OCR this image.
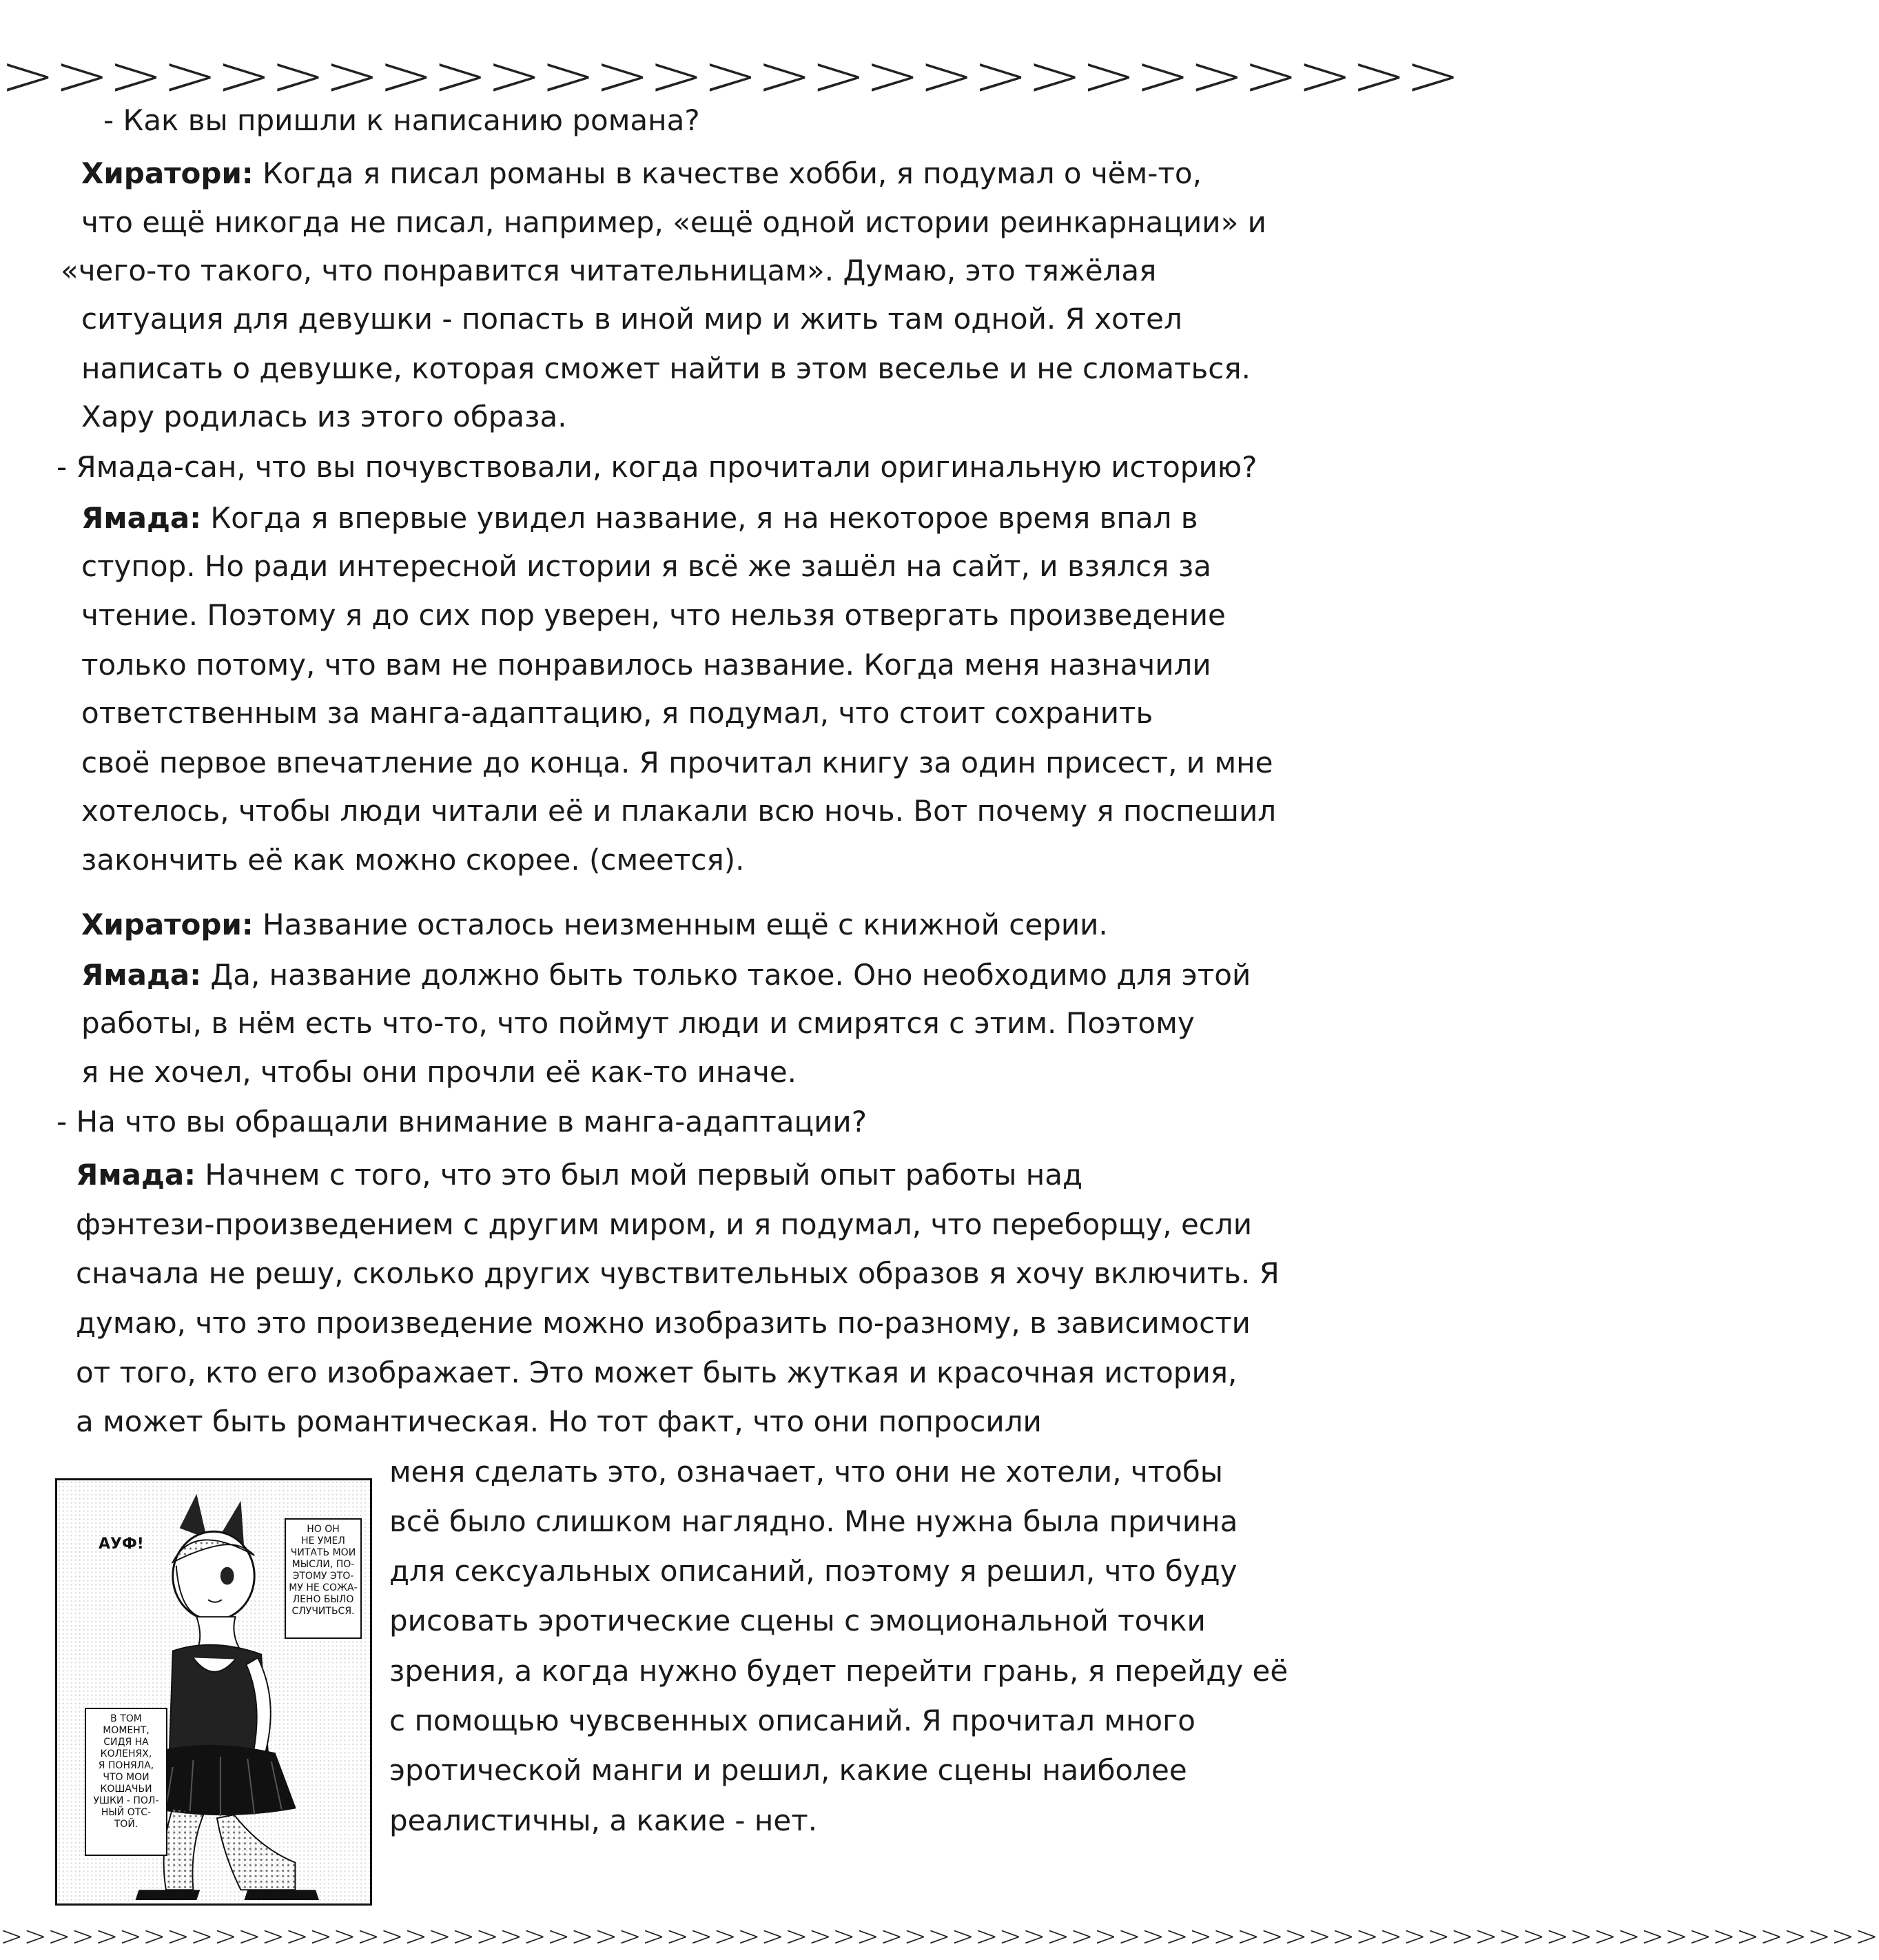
>>>>>>>>>>>>>>>>>>>>>>>>>>>
- Как вы пришли к написанию романа?
Хиратори: Когда я писал романы в качестве хобби, я подумал о чём-то,
что ещё никогда не писал, например, «ещё одной истории реинкарнации» и
«чего-то такого, что понравится читательницам». Думаю, это тяжёлая
ситуация для девушки - попасть в иной мир и жить там одной. Я хотел
написать о девушке, которая сможет найти в этом веселье и не сломаться.
Хару родилась из этого образа.
- Ямада-сан, что вы почувствовали, когда прочитали оригинальную историю?
Ямада: Когда я впервые увидел название, я на некоторое время впал в
ступор. Но ради интересной истории я всё же зашёл на сайт, и взялся за
чтение. Поэтому я до сих пор уверен, что нельзя отвергать произведение
только потому, что вам не понравилось название. Когда меня назначили
ответственным за манга-адаптацию, я подумал, что стоит сохранить
своё первое впечатление до конца. Я прочитал книгу за один присест, и мне
хотелось, чтобы люди читали её и плакали всю ночь. Вот почему я поспешил
закончить её как можно скорее. (смеется).
Хиратори: Название осталось неизменным ещё с книжной серии.
Ямада: Да, название должно быть только такое. Оно необходимо для этой
работы, в нём есть что-то, что поймут люди и смирятся с этим. Поэтому
я не хочел, чтобы они прочли её как-то иначе.
- На что вы обращали внимание в манга-адаптации?
Ямада: Начнем с того, что это был мой первый опыт работы над
фэнтези-произведением с другим миром, и я подумал, что переборщу, если
сначала не решу, сколько других чувствительных образов я хочу включить. Я
думаю, что это произведение можно изобразить по-разному, в зависимости
от того, кто его изображает. Это может быть жуткая и красочная история,
а может быть романтическая. Но тот факт, что они попросили
меня сделать это, означает, что они не хотели, чтобы
всё было слишком наглядно. Мне нужна была причина
для сексуальных описаний, поэтому я решил, что буду
рисовать эротические сцены с эмоциональной точки
зрения, а когда нужно будет перейти грань, я перейду её
с помощью чувсвенных описаний. Я прочитал много
эротической манги и решил, какие сцены наиболее
реалистичны, а какие - нет.
АУФ!
НО ОН
НЕ УМЕЛ
ЧИТАТЬ МОИ
МЫСЛИ, ПО-
ЭТОМУ ЭТО-
МУ НЕ СОЖА-
ЛЕНО БЫЛО
СЛУЧИТЬСЯ.
В ТОМ
МОМЕНТ,
СИДЯ НА
КОЛЕНЯХ,
Я ПОНЯЛА,
ЧТО МОИ
КОШАЧЬИ
УШКИ - ПОЛ-
НЫЙ ОТС-
ТОЙ.
>>>>>>>>>>>>>>>>>>>>>>>>>>>>>>>>>>>>>>>>>>>>>>>>>>>>>>>>>>>>>>>>>>>>>>>>>>>>>>>
